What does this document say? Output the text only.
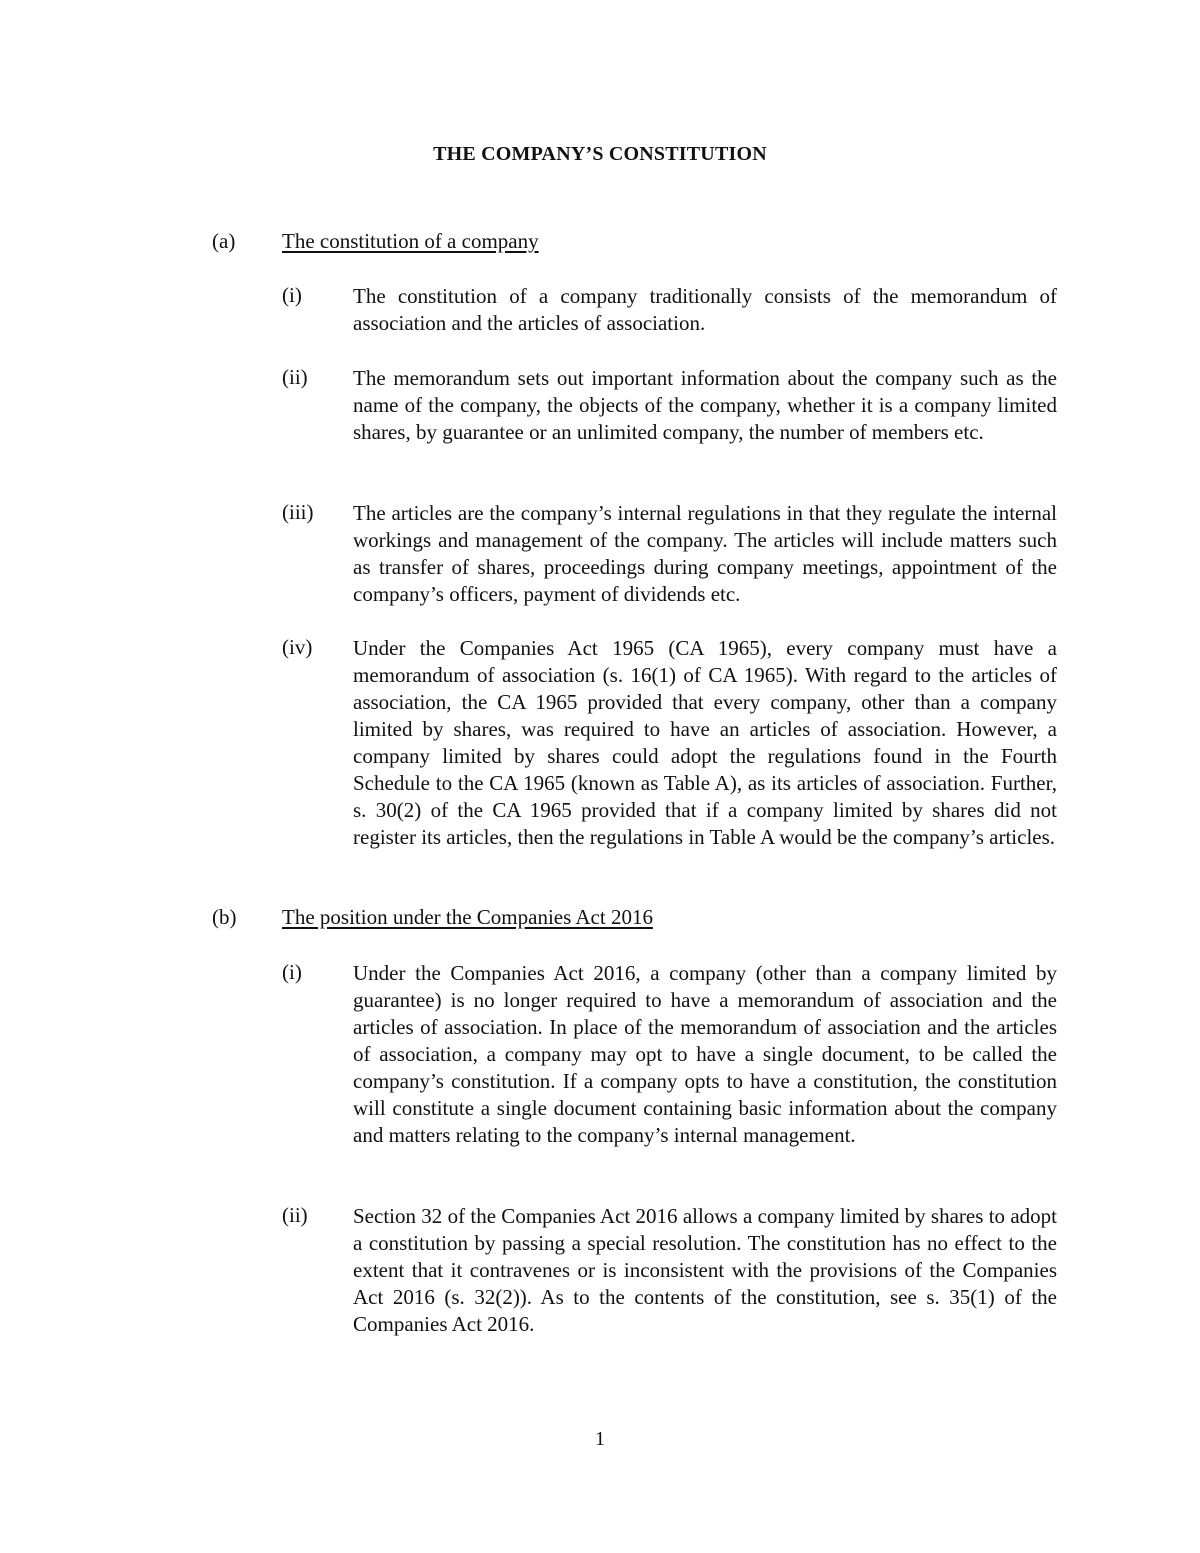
THE COMPANY’S CONSTITUTION
(a) The constitution of a company
(i) The constitution of a company traditionally consists of the memorandum of association and the articles of association.
(ii) The memorandum sets out important information about the company such as the name of the company, the objects of the company, whether it is a company limited shares, by guarantee or an unlimited company, the number of members etc.
(iii) The articles are the company’s internal regulations in that they regulate the internal workings and management of the company. The articles will include matters such as transfer of shares, proceedings during company meetings, appointment of the company’s officers, payment of dividends etc.
(iv) Under the Companies Act 1965 (CA 1965), every company must have a memorandum of association (s. 16(1) of CA 1965). With regard to the articles of association, the CA 1965 provided that every company, other than a company limited by shares, was required to have an articles of association. However, a company limited by shares could adopt the regulations found in the Fourth Schedule to the CA 1965 (known as Table A), as its articles of association. Further, s. 30(2) of the CA 1965 provided that if a company limited by shares did not register its articles, then the regulations in Table A would be the company’s articles.
(b) The position under the Companies Act 2016
(i) Under the Companies Act 2016, a company (other than a company limited by guarantee) is no longer required to have a memorandum of association and the articles of association. In place of the memorandum of association and the articles of association, a company may opt to have a single document, to be called the company’s constitution. If a company opts to have a constitution, the constitution will constitute a single document containing basic information about the company and matters relating to the company’s internal management.
(ii) Section 32 of the Companies Act 2016 allows a company limited by shares to adopt a constitution by passing a special resolution. The constitution has no effect to the extent that it contravenes or is inconsistent with the provisions of the Companies Act 2016 (s. 32(2)). As to the contents of the constitution, see s. 35(1) of the Companies Act 2016.
1
